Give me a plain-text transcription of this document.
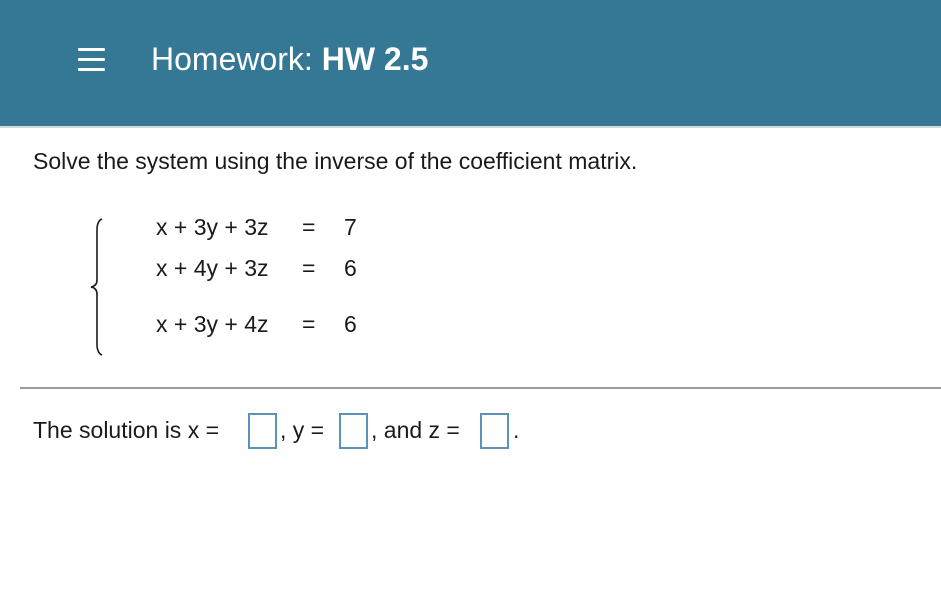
Homework: HW 2.5
Solve the system using the inverse of the coefficient matrix.
x + 3y + 3z = 7
x + 4y + 3z = 6
x + 3y + 4z = 6
The solution is x =	, y = , and z = .
